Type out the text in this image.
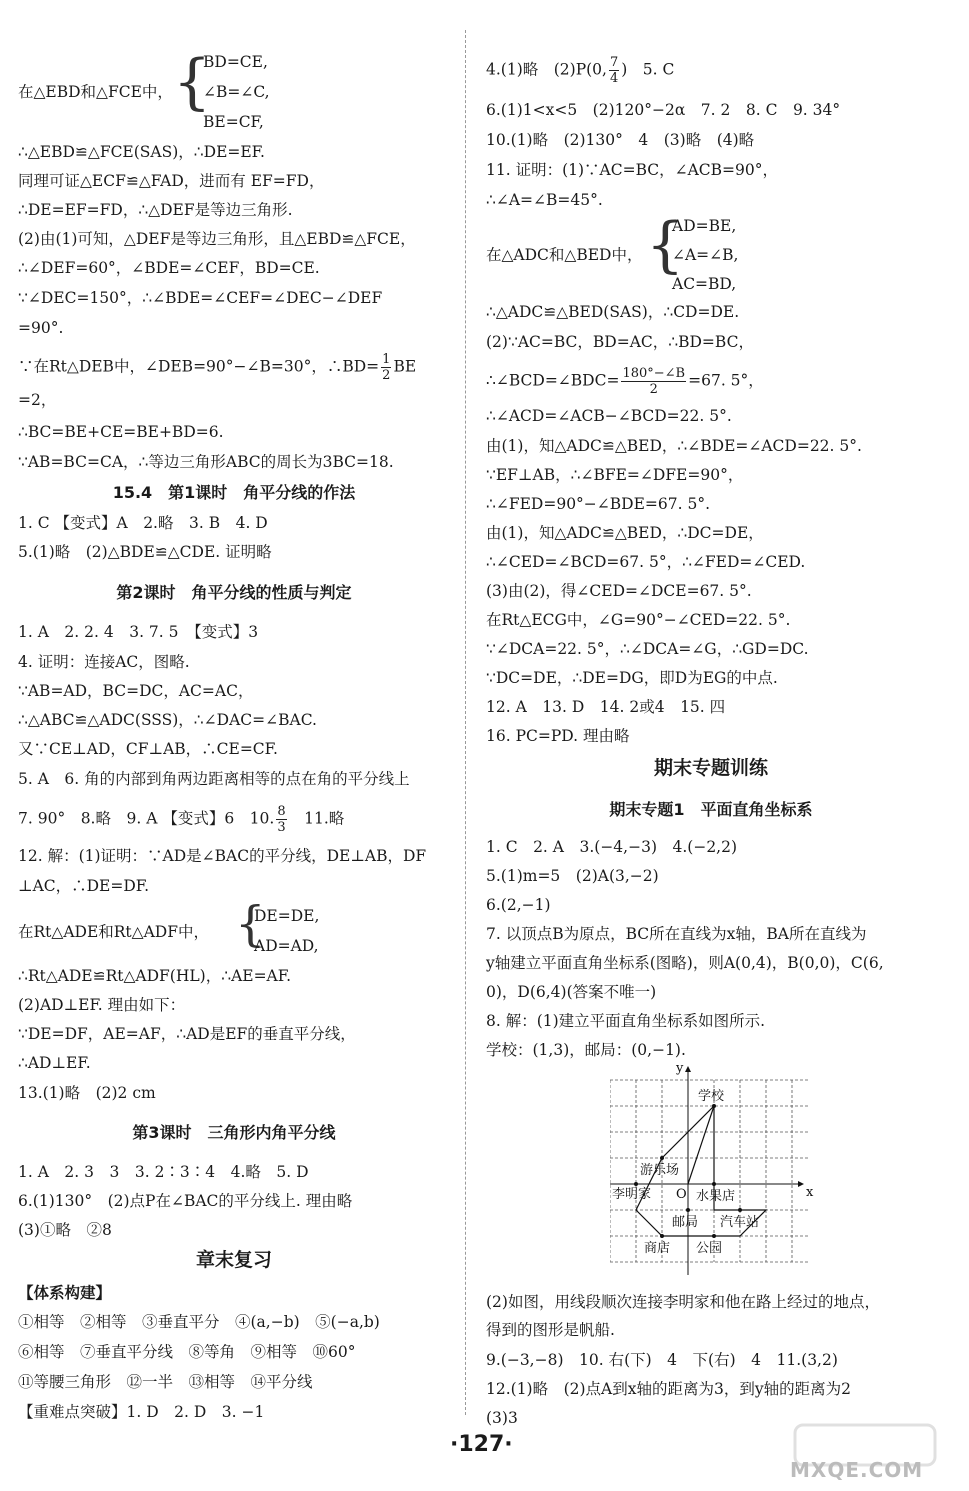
在△EBD和△FCE中， {
BD=CE,
∠B=∠C,
BE=CF,
∴△EBD≌△FCE(SAS)，∴DE=EF.
同理可证△ECF≌△FAD，进而有 EF=FD，
∴DE=EF=FD，∴△DEF是等边三角形.
(2)由(1)可知，△DEF是等边三角形，且△EBD≌△FCE，
∴∠DEF=60°，∠BDE=∠CEF，BD=CE.
∵∠DEC=150°，∴∠BDE=∠CEF=∠DEC−∠DEF
=90°.
∵在Rt△DEB中，∠DEB=90°−∠B=30°，∴BD= $\frac{1}{2}$ BE
=2，
∴BC=BE+CE=BE+BD=6.
∵AB=BC=CA，∴等边三角形ABC的周长为3BC=18.
15.4　第1课时　角平分线的作法
1. C 【变式】A　2.略　3. B　4. D
5.(1)略　(2)△BDE≌△CDE. 证明略
第2课时　角平分线的性质与判定
1. A　2. 2. 4　3. 7. 5　【变式】3
4. 证明：连接AC，图略.
∵AB=AD，BC=DC，AC=AC，
∴△ABC≌△ADC(SSS)，∴∠DAC=∠BAC.
又∵CE⊥AD，CF⊥AB，∴CE=CF.
5. A　6. 角的内部到角两边距离相等的点在角的平分线上
7. 90°　8.略　9. A 【变式】6　10. $\frac{8}{3}$ 　11.略
12. 解：(1)证明：∵AD是∠BAC的平分线，DE⊥AB，DF
⊥AC，∴DE=DF.
在Rt△ADE和Rt△ADF中， {
DE=DE,
AD=AD,
∴Rt△ADE≌Rt△ADF(HL)，∴AE=AF.
(2)AD⊥EF. 理由如下：
∵DE=DF，AE=AF，∴AD是EF的垂直平分线，
∴AD⊥EF.
13.(1)略　(2)2 cm
第3课时　三角形内角平分线
1. A　2. 3　3　3. 2∶3∶4　4.略　5. D
6.(1)130°　(2)点P在∠BAC的平分线上. 理由略
(3)①略　②8
章末复习
【体系构建】
①相等　②相等　③垂直平分　④(a,−b)　⑤(−a,b)
⑥相等　⑦垂直平分线　⑧等角　⑨相等　⑩60°
⑪等腰三角形　⑫一半　⑬相等　⑭平分线
【重难点突破】1. D　2. D　3. −1
4.(1)略　(2)P(0, $\frac{7}{4}$ )　5. C
6.(1)1<x<5　(2)120°−2α　7. 2　8. C　9. 34°
10.(1)略　(2)130°　4　(3)略　(4)略
11. 证明：(1)∵AC=BC，∠ACB=90°，
∴∠A=∠B=45°.
在△ADC和△BED中， {
AD=BE,
∠A=∠B,
AC=BD,
∴△ADC≌△BED(SAS)，∴CD=DE.
(2)∵AC=BC，BD=AC，∴BD=BC，
∴∠BCD=∠BDC= $\frac{180^\circ-\angle B}{2} =67$. 5°，
∴∠ACD=∠ACB−∠BCD=22. 5°.
由(1)，知△ADC≌△BED，∴∠BDE=∠ACD=22. 5°.
∵EF⊥AB，∴∠BFE=∠DFE=90°，
∴∠FED=90°−∠BDE=67. 5°.
由(1)，知△ADC≌△BED，∴DC=DE，
∴∠CED=∠BCD=67. 5°，∴∠FED=∠CED.
(3)由(2)，得∠CED=∠DCE=67. 5°.
在Rt△ECG中，∠G=90°−∠CED=22. 5°.
∵∠DCA=22. 5°，∴∠DCA=∠G，∴GD=DC.
∵DC=DE，∴DE=DG，即D为EG的中点.
12. A　13. D　14. 2或4　15. 四
16. PC=PD. 理由略
期末专题训练
期末专题1　平面直角坐标系
1. C　2. A　3.(−4,−3)　4.(−2,2)
5.(1)m=5　(2)A(3,−2)
6.(2,−1)
7. 以顶点B为原点，BC所在直线为x轴，BA所在直线为
y轴建立平面直角坐标系(图略)，则A(0,4)，B(0,0)，C(6,
0)，D(6,4)(答案不唯一)
8. 解：(1)建立平面直角坐标系如图所示.
学校：(1,3)，邮局：(0,−1).
(2)如图，用线段顺次连接李明家和他在路上经过的地点，
得到的图形是帆船.
9.(−3,−8)　10. 右(下)　4　下(右)　4　11.(3,2)
12.(1)略　(2)点A到x轴的距离为3，到y轴的距离为2
(3)3
y
x
O
学校
游乐场
李明家	水果店
邮局 汽车站
商店 公园
·127·
MXQE.COM
